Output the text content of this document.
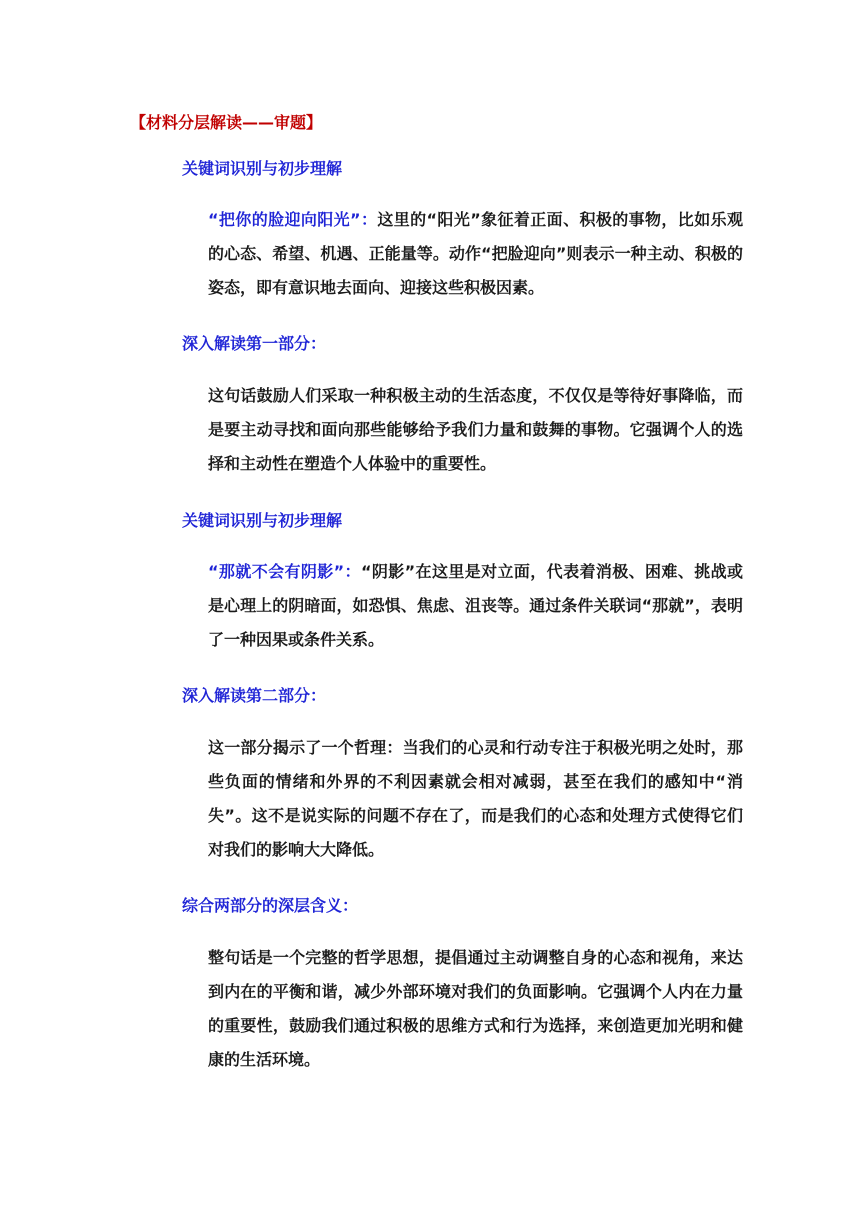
【材料分层解读——审题】
关键词识别与初步理解
“把你的脸迎向阳光”：这里的“阳光”象征着正面、积极的事物，比如乐观的心态、希望、机遇、正能量等。动作“把脸迎向”则表示一种主动、积极的姿态，即有意识地去面向、迎接这些积极因素。
深入解读第一部分：
这句话鼓励人们采取一种积极主动的生活态度，不仅仅是等待好事降临，而是要主动寻找和面向那些能够给予我们力量和鼓舞的事物。它强调个人的选择和主动性在塑造个人体验中的重要性。
关键词识别与初步理解
“那就不会有阴影”：“阴影”在这里是对立面，代表着消极、困难、挑战或是心理上的阴暗面，如恐惧、焦虑、沮丧等。通过条件关联词“那就”，表明了一种因果或条件关系。
深入解读第二部分：
这一部分揭示了一个哲理：当我们的心灵和行动专注于积极光明之处时，那些负面的情绪和外界的不利因素就会相对减弱，甚至在我们的感知中“消失”。这不是说实际的问题不存在了，而是我们的心态和处理方式使得它们对我们的影响大大降低。
综合两部分的深层含义：
整句话是一个完整的哲学思想，提倡通过主动调整自身的心态和视角，来达到内在的平衡和谐，减少外部环境对我们的负面影响。它强调个人内在力量的重要性，鼓励我们通过积极的思维方式和行为选择，来创造更加光明和健康的生活环境。
